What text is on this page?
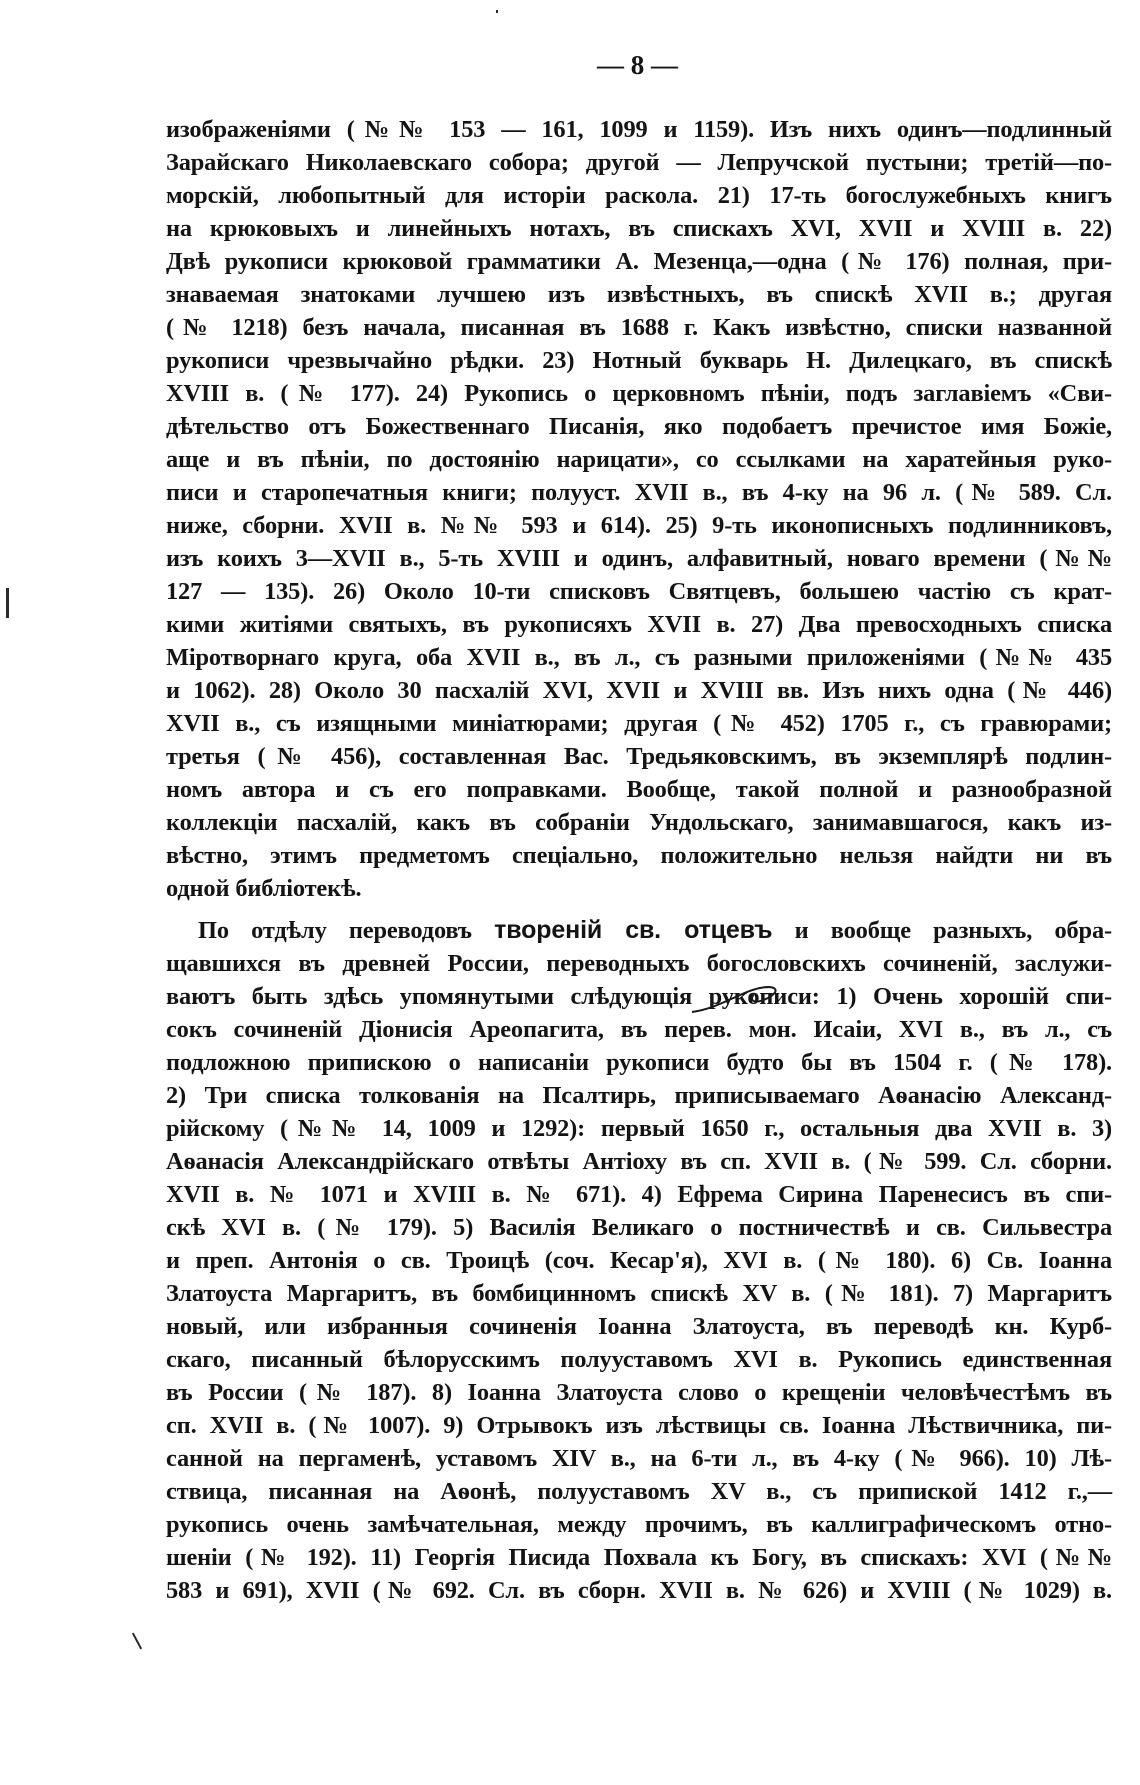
— 8 —
изображеніями (№№ 153 — 161, 1099 и 1159). Изъ нихъ одинъ—подлинный
Зарайскаго Николаевскаго собора; другой — Лепручской пустыни; третій—по-
морскій, любопытный для исторіи раскола. 21) 17-ть богослужебныхъ книгъ
на крюковыхъ и линейныхъ нотахъ, въ спискахъ XVI, XVII и XVIII в. 22)
Двѣ рукописи крюковой грамматики А. Мезенца,—одна (№ 176) полная, при-
знаваемая знатоками лучшею изъ извѣстныхъ, въ спискѣ XVII в.; другая
(№ 1218) безъ начала, писанная въ 1688 г. Какъ извѣстно, списки названной
рукописи чрезвычайно рѣдки. 23) Нотный букварь Н. Дилецкаго, въ спискѣ
XVIII в. (№ 177). 24) Рукопись о церковномъ пѣніи, подъ заглавіемъ «Сви-
дѣтельство отъ Божественнаго Писанія, яко подобаетъ пречистое имя Божіе,
аще и въ пѣніи, по достоянію нарицати», со ссылками на харатейныя руко-
писи и старопечатныя книги; полууст. XVII в., въ 4-ку на 96 л. (№ 589. Сл.
ниже, сборни. XVII в. №№ 593 и 614). 25) 9-ть иконописныхъ подлинниковъ,
изъ коихъ 3—XVII в., 5-ть XVIII и одинъ, алфавитный, новаго времени (№№
127 — 135). 26) Около 10-ти списковъ Святцевъ, большею частію съ крат-
кими житіями святыхъ, въ рукописяхъ XVII в. 27) Два превосходныхъ списка
Міротворнаго круга, оба XVII в., въ л., съ разными приложеніями (№№ 435
и 1062). 28) Около 30 пасхалій XVI, XVII и XVIII вв. Изъ нихъ одна (№ 446)
XVII в., съ изящными миніатюрами; другая (№ 452) 1705 г., съ гравюрами;
третья (№ 456), составленная Вас. Тредьяковскимъ, въ экземплярѣ подлин-
номъ автора и съ его поправками. Вообще, такой полной и разнообразной
коллекціи пасхалій, какъ въ собраніи Ундольскаго, занимавшагося, какъ из-
вѣстно, этимъ предметомъ спеціально, положительно нельзя найдти ни въ
одной библіотекѣ.
По отдѣлу переводовъ твореній св. отцевъ и вообще разныхъ, обра-
щавшихся въ древней России, переводныхъ богословскихъ сочиненій, заслужи-
ваютъ быть здѣсь упомянутыми слѣдующія рукописи: 1) Очень хорошій спи-
сокъ сочиненій Діонисія Ареопагита, въ перев. мон. Исаіи, XVI в., въ л., съ
подложною припискою о написаніи рукописи будто бы въ 1504 г. (№ 178).
2) Три списка толкованія на Псалтирь, приписываемаго Аѳанасію Александ-
рійскому (№№ 14, 1009 и 1292): первый 1650 г., остальныя два XVII в. 3)
Аѳанасія Александрійскаго отвѣты Антіоху въ сп. XVII в. (№ 599. Сл. сборни.
XVII в. № 1071 и XVIII в. № 671). 4) Ефрема Сирина Паренесисъ въ спи-
скѣ XVI в. (№ 179). 5) Василія Великаго о постничествѣ и св. Сильвестра
и преп. Антонія о св. Троицѣ (соч. Кесар'я), XVI в. (№ 180). 6) Св. Іоанна
Златоуста Маргаритъ, въ бомбицинномъ спискѣ XV в. (№ 181). 7) Маргаритъ
новый, или избранныя сочиненія Іоанна Златоуста, въ переводѣ кн. Курб-
скаго, писанный бѣлорусскимъ полууставомъ XVI в. Рукопись единственная
въ России (№ 187). 8) Іоанна Златоуста слово о крещеніи человѣчестѣмъ въ
сп. XVII в. (№ 1007). 9) Отрывокъ изъ лѣствицы св. Іоанна Лѣствичника, пи-
санной на пергаменѣ, уставомъ XIV в., на 6-ти л., въ 4-ку (№ 966). 10) Лѣ-
ствица, писанная на Аѳонѣ, полууставомъ XV в., съ припиской 1412 г.,—
рукопись очень замѣчательная, между прочимъ, въ каллиграфическомъ отно-
шеніи (№ 192). 11) Георгія Писида Похвала къ Богу, въ спискахъ: XVI (№№
583 и 691), XVII (№ 692. Сл. въ сборн. XVII в. № 626) и XVIII (№ 1029) в.
